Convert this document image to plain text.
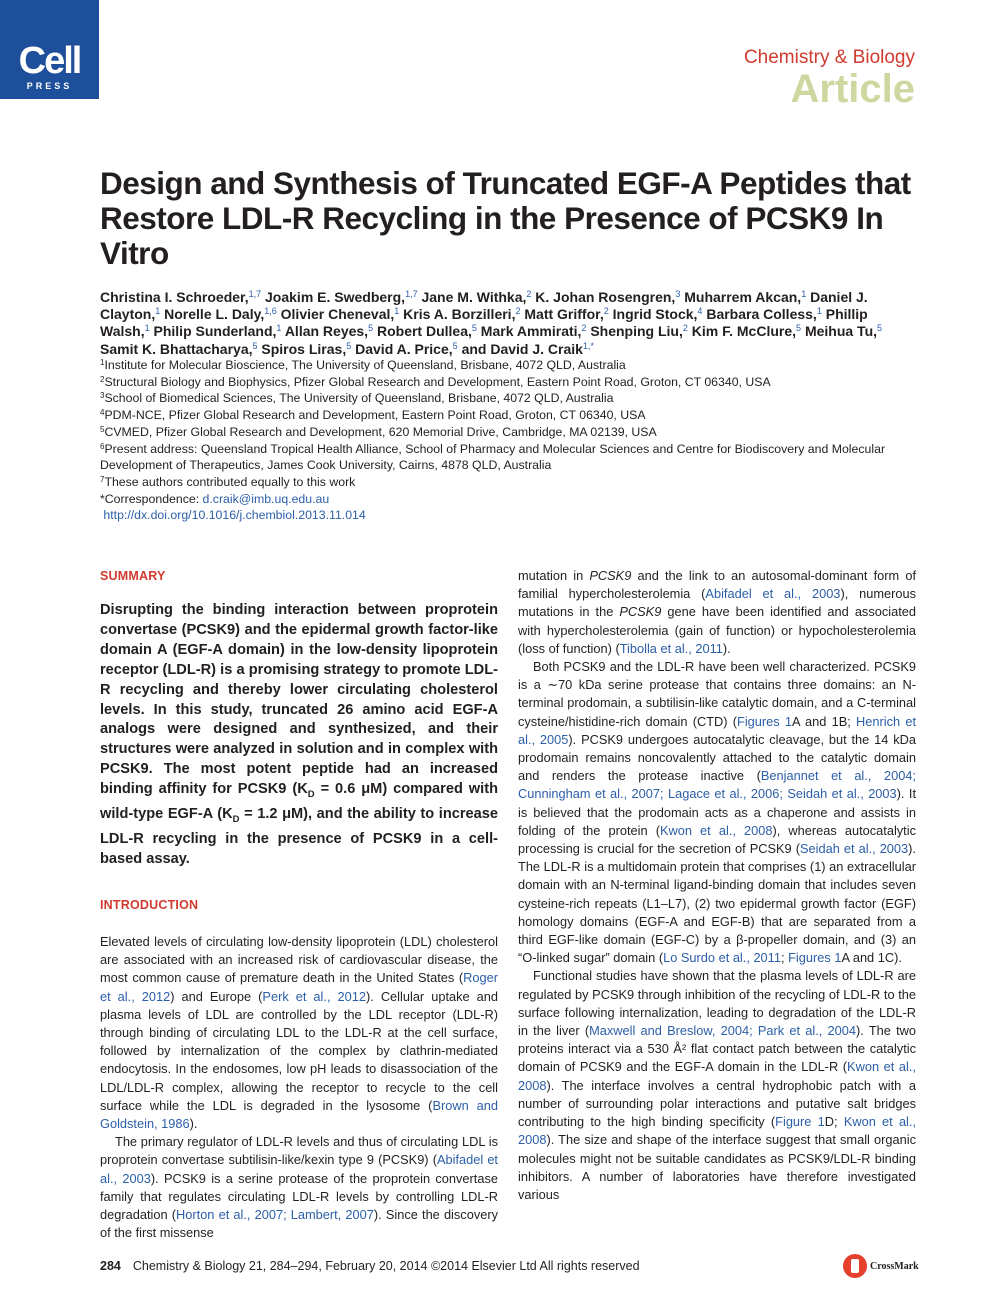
Cell
PRESS
Chemistry & Biology
Article
Design and Synthesis of Truncated EGF-A Peptides that Restore LDL-R Recycling in the Presence of PCSK9 In Vitro
Christina I. Schroeder,$^{1,7}$ Joakim E. Swedberg,$^{1,7}$ Jane M. Withka,$^2$ K. Johan Rosengren,$^3$ Muharrem Akcan,$^1$ Daniel J. Clayton,$^1$ Norelle L. Daly,$^{1,6}$ Olivier Cheneval,$^1$ Kris A. Borzilleri,$^2$ Matt Griffor,$^2$ Ingrid Stock,$^4$ Barbara Colless,$^1$ Phillip Walsh,$^1$ Philip Sunderland,$^1$ Allan Reyes,$^5$ Robert Dullea,$^5$ Mark Ammirati,$^2$ Shenping Liu,$^2$ Kim F. McClure,$^5$ Meihua Tu,$^5$ Samit K. Bhattacharya,$^5$ Spiros Liras,$^5$ David A. Price,$^5$ and David J. Craik$^{1,*}$
$^1$Institute for Molecular Bioscience, The University of Queensland, Brisbane, 4072 QLD, Australia
$^2$Structural Biology and Biophysics, Pfizer Global Research and Development, Eastern Point Road, Groton, CT 06340, USA
$^3$School of Biomedical Sciences, The University of Queensland, Brisbane, 4072 QLD, Australia
$^4$PDM-NCE, Pfizer Global Research and Development, Eastern Point Road, Groton, CT 06340, USA
$^5$CVMED, Pfizer Global Research and Development, 620 Memorial Drive, Cambridge, MA 02139, USA
$^6$Present address: Queensland Tropical Health Alliance, School of Pharmacy and Molecular Sciences and Centre for Biodiscovery and Molecular Development of Therapeutics, James Cook University, Cairns, 4878 QLD, Australia
$^7$These authors contributed equally to this work
*Correspondence: d.craik@imb.uq.edu.au
http://dx.doi.org/10.1016/j.chembiol.2013.11.014
SUMMARY

Disrupting the binding interaction between proprotein convertase (PCSK9) and the epidermal growth factor-like domain A (EGF-A domain) in the low-density lipoprotein receptor (LDL-R) is a promising strategy to promote LDL-R recycling and thereby lower circulating cholesterol levels. In this study, truncated 26 amino acid EGF-A analogs were designed and synthesized, and their structures were analyzed in solution and in complex with PCSK9. The most potent peptide had an increased binding affinity for PCSK9 ($K_D = 0.6$ μM) compared with wild-type EGF-A ($K_D = 1.2$ μM), and the ability to increase LDL-R recycling in the presence of PCSK9 in a cell-based assay.

INTRODUCTION

Elevated levels of circulating low-density lipoprotein (LDL) cholesterol are associated with an increased risk of cardiovascular disease, the most common cause of premature death in the United States (Roger et al., 2012) and Europe (Perk et al., 2012). Cellular uptake and plasma levels of LDL are controlled by the LDL receptor (LDL-R) through binding of circulating LDL to the LDL-R at the cell surface, followed by internalization of the complex by clathrin-mediated endocytosis. In the endosomes, low pH leads to disassociation of the LDL/LDL-R complex, allowing the receptor to recycle to the cell surface while the LDL is degraded in the lysosome (Brown and Goldstein, 1986).

The primary regulator of LDL-R levels and thus of circulating LDL is proprotein convertase subtilisin-like/kexin type 9 (PCSK9) (Abifadel et al., 2003). PCSK9 is a serine protease of the proprotein convertase family that regulates circulating LDL-R levels by controlling LDL-R degradation (Horton et al., 2007; Lambert, 2007). Since the discovery of the first missense

mutation in PCSK9 and the link to an autosomal-dominant form of familial hypercholesterolemia (Abifadel et al., 2003), numerous mutations in the PCSK9 gene have been identified and associated with hypercholesterolemia (gain of function) or hypocholesterolemia (loss of function) (Tibolla et al., 2011).

Both PCSK9 and the LDL-R have been well characterized. PCSK9 is a ∼70 kDa serine protease that contains three domains: an N-terminal prodomain, a subtilisin-like catalytic domain, and a C-terminal cysteine/histidine-rich domain (CTD) (Figures 1A and 1B; Henrich et al., 2005). PCSK9 undergoes autocatalytic cleavage, but the 14 kDa prodomain remains noncovalently attached to the catalytic domain and renders the protease inactive (Benjannet et al., 2004; Cunningham et al., 2007; Lagace et al., 2006; Seidah et al., 2003). It is believed that the prodomain acts as a chaperone and assists in folding of the protein (Kwon et al., 2008), whereas autocatalytic processing is crucial for the secretion of PCSK9 (Seidah et al., 2003). The LDL-R is a multidomain protein that comprises (1) an extracellular domain with an N-terminal ligand-binding domain that includes seven cysteine-rich repeats (L1–L7), (2) two epidermal growth factor (EGF) homology domains (EGF-A and EGF-B) that are separated from a third EGF-like domain (EGF-C) by a β-propeller domain, and (3) an “O-linked sugar” domain (Lo Surdo et al., 2011; Figures 1A and 1C).

Functional studies have shown that the plasma levels of LDL-R are regulated by PCSK9 through inhibition of the recycling of LDL-R to the surface following internalization, leading to degradation of the LDL-R in the liver (Maxwell and Breslow, 2004; Park et al., 2004). The two proteins interact via a 530 Å² flat contact patch between the catalytic domain of PCSK9 and the EGF-A domain in the LDL-R (Kwon et al., 2008). The interface involves a central hydrophobic patch with a number of surrounding polar interactions and putative salt bridges contributing to the high binding specificity (Figure 1D; Kwon et al., 2008). The size and shape of the interface suggest that small organic molecules might not be suitable candidates as PCSK9/LDL-R binding inhibitors. A number of laboratories have therefore investigated various

284 Chemistry & Biology 21, 284–294, February 20, 2014 ©2014 Elsevier Ltd All rights reserved	CrossMark
